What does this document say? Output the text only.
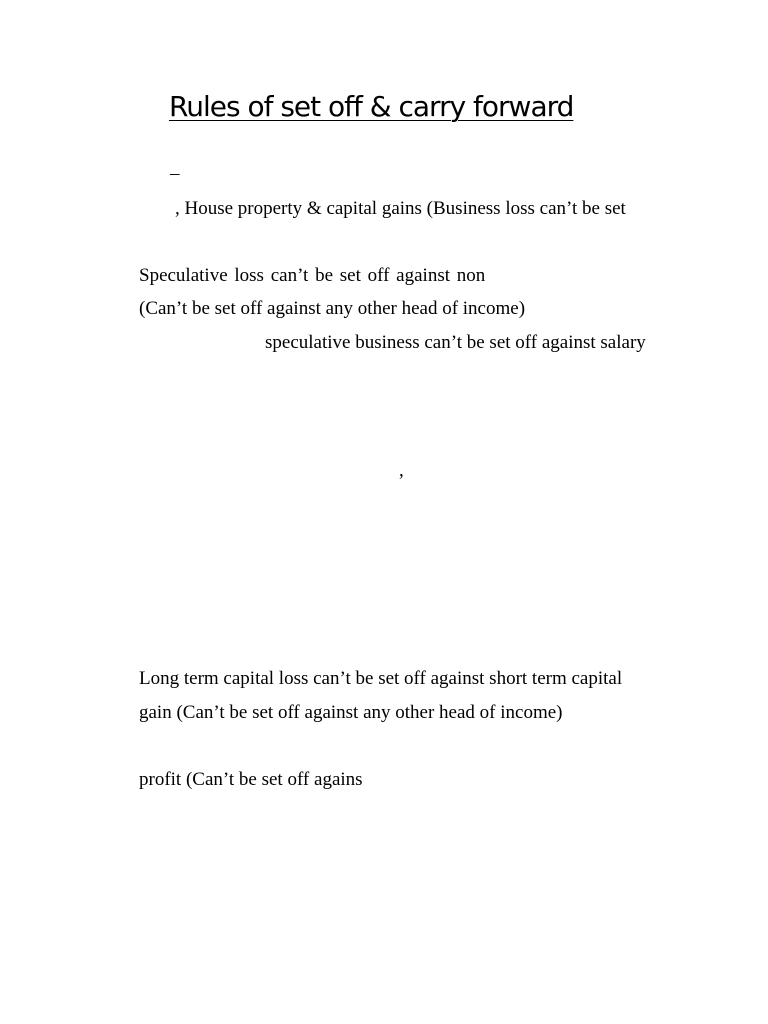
Rules of set off & carry forward

–

, House property & capital gains (Business loss can’t be set

Speculative loss can’t be set off against non

(Can’t be set off against any other head of income)

speculative business can’t be set off against salary

,

Long term capital loss can’t be set off against short term capital

gain (Can’t be set off against any other head of income)

profit (Can’t be set off agains
